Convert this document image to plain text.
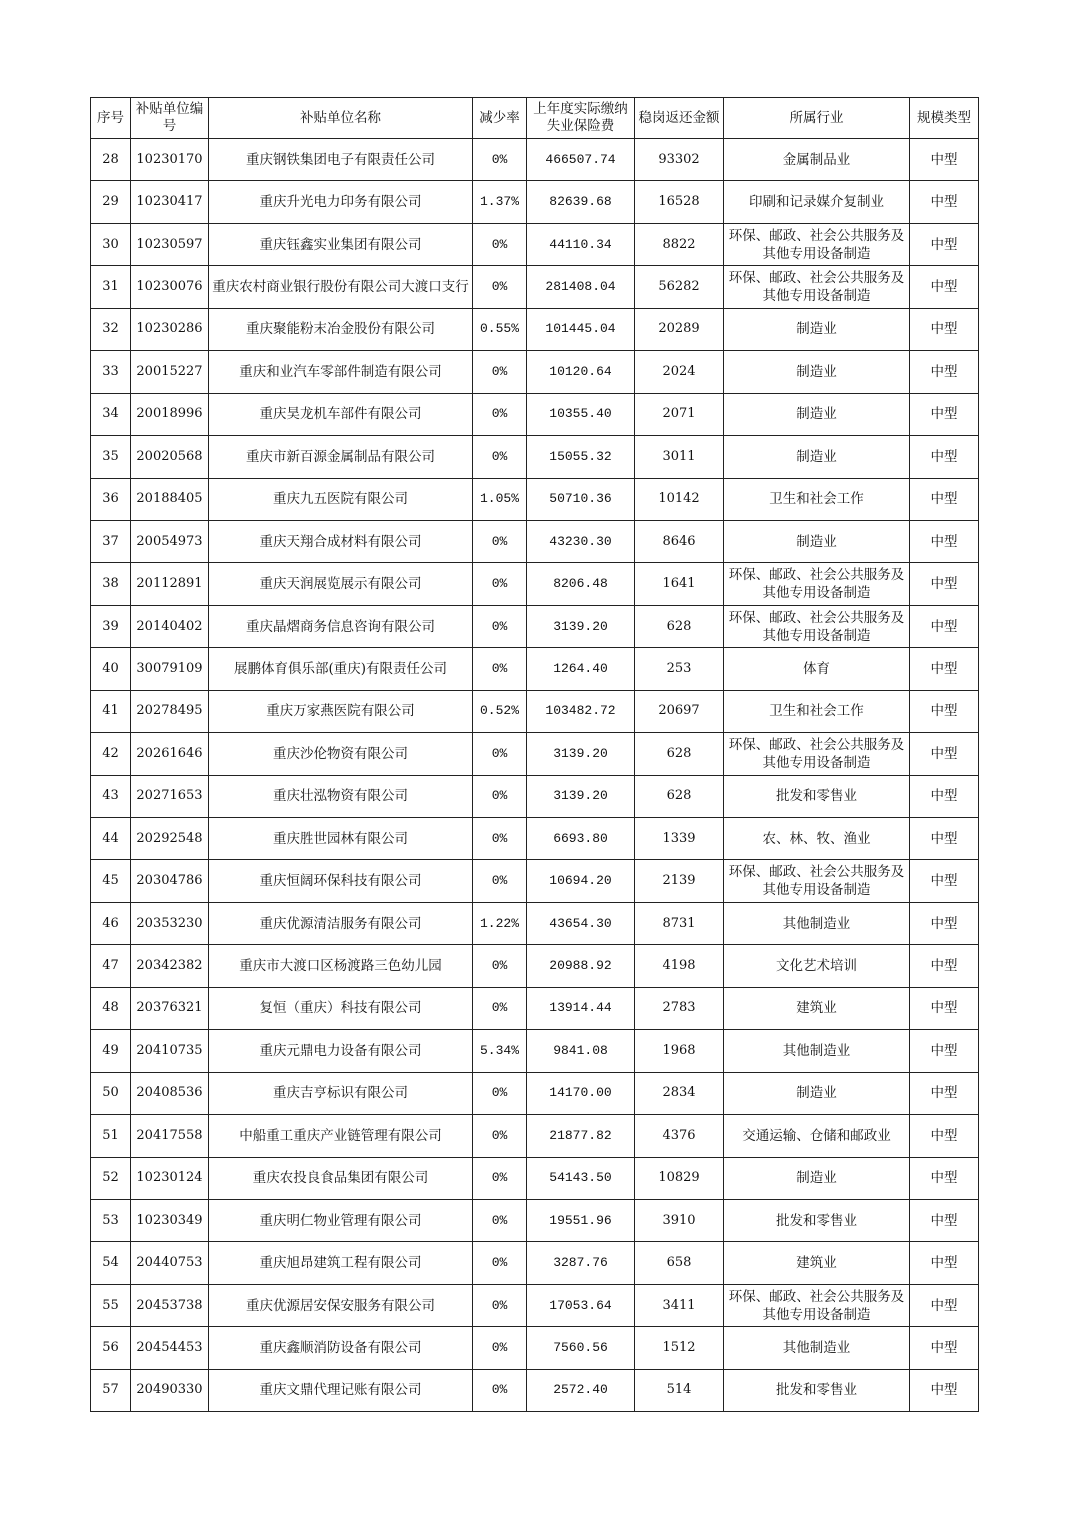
序号	补贴单位编号	补贴单位名称	减少率	上年度实际缴纳失业保险费	稳岗返还金额	所属行业	规模类型
28	10230170	重庆钢铁集团电子有限责任公司	0%	466507.74	93302	金属制品业	中型
29	10230417	重庆升光电力印务有限公司	1.37%	82639.68	16528	印刷和记录媒介复制业	中型
30	10230597	重庆钰鑫实业集团有限公司	0%	44110.34	8822	环保、邮政、社会公共服务及其他专用设备制造	中型
31	10230076	重庆农村商业银行股份有限公司大渡口支行	0%	281408.04	56282	环保、邮政、社会公共服务及其他专用设备制造	中型
32	10230286	重庆聚能粉末冶金股份有限公司	0.55%	101445.04	20289	制造业	中型
33	20015227	重庆和业汽车零部件制造有限公司	0%	10120.64	2024	制造业	中型
34	20018996	重庆昊龙机车部件有限公司	0%	10355.40	2071	制造业	中型
35	20020568	重庆市新百源金属制品有限公司	0%	15055.32	3011	制造业	中型
36	20188405	重庆九五医院有限公司	1.05%	50710.36	10142	卫生和社会工作	中型
37	20054973	重庆天翔合成材料有限公司	0%	43230.30	8646	制造业	中型
38	20112891	重庆天润展览展示有限公司	0%	8206.48	1641	环保、邮政、社会公共服务及其他专用设备制造	中型
39	20140402	重庆晶熠商务信息咨询有限公司	0%	3139.20	628	环保、邮政、社会公共服务及其他专用设备制造	中型
40	30079109	展鹏体育俱乐部(重庆)有限责任公司	0%	1264.40	253	体育	中型
41	20278495	重庆万家燕医院有限公司	0.52%	103482.72	20697	卫生和社会工作	中型
42	20261646	重庆沙伦物资有限公司	0%	3139.20	628	环保、邮政、社会公共服务及其他专用设备制造	中型
43	20271653	重庆壮泓物资有限公司	0%	3139.20	628	批发和零售业	中型
44	20292548	重庆胜世园林有限公司	0%	6693.80	1339	农、林、牧、渔业	中型
45	20304786	重庆恒阔环保科技有限公司	0%	10694.20	2139	环保、邮政、社会公共服务及其他专用设备制造	中型
46	20353230	重庆优源清洁服务有限公司	1.22%	43654.30	8731	其他制造业	中型
47	20342382	重庆市大渡口区杨渡路三色幼儿园	0%	20988.92	4198	文化艺术培训	中型
48	20376321	复恒（重庆）科技有限公司	0%	13914.44	2783	建筑业	中型
49	20410735	重庆元鼎电力设备有限公司	5.34%	9841.08	1968	其他制造业	中型
50	20408536	重庆吉亨标识有限公司	0%	14170.00	2834	制造业	中型
51	20417558	中船重工重庆产业链管理有限公司	0%	21877.82	4376	交通运输、仓储和邮政业	中型
52	10230124	重庆农投良食品集团有限公司	0%	54143.50	10829	制造业	中型
53	10230349	重庆明仁物业管理有限公司	0%	19551.96	3910	批发和零售业	中型
54	20440753	重庆旭昂建筑工程有限公司	0%	3287.76	658	建筑业	中型
55	20453738	重庆优源居安保安服务有限公司	0%	17053.64	3411	环保、邮政、社会公共服务及其他专用设备制造	中型
56	20454453	重庆鑫顺消防设备有限公司	0%	7560.56	1512	其他制造业	中型
57	20490330	重庆文鼎代理记账有限公司	0%	2572.40	514	批发和零售业	中型
